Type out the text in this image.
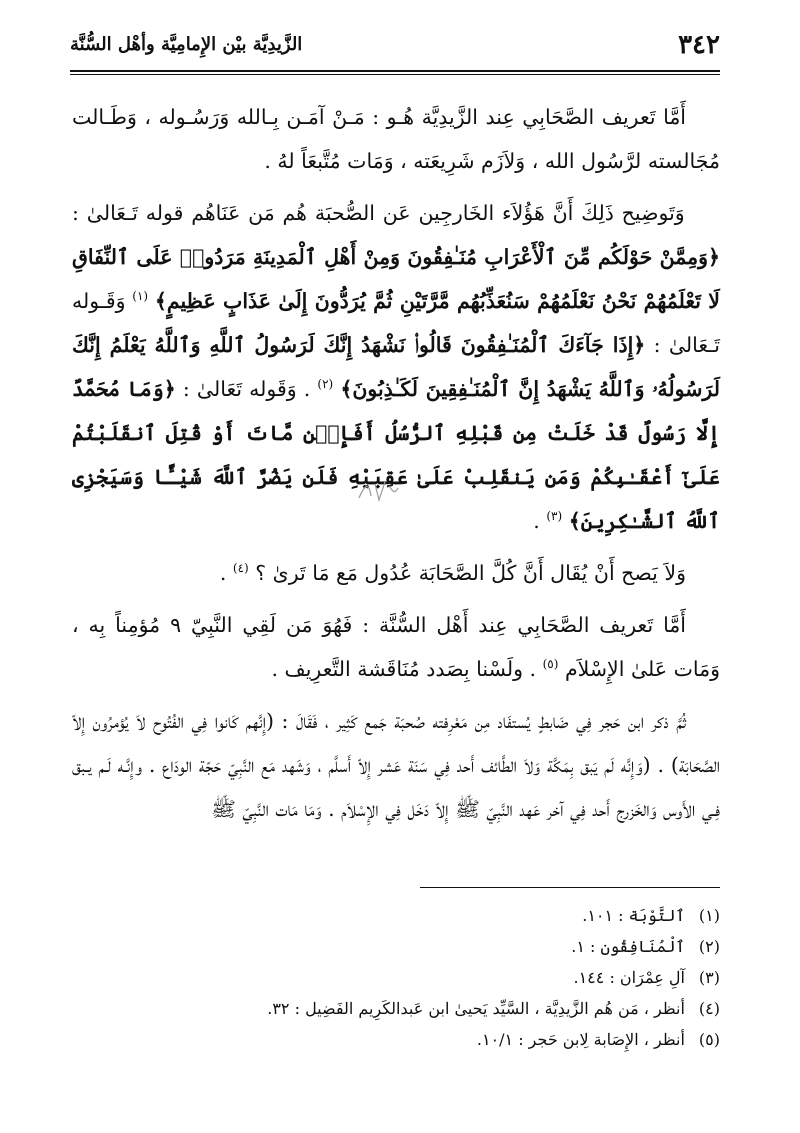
٣٤٢
الزَّيدِيَّة بيْن الإِمامِيَّة وأهْل السُّنَّة

أَمَّا تَعريف الصَّحَابِي عِند الزَّيدِيَّة هُـو : مَـنْ آمَـن بِـالله وَرَسُـوله ، وَطَـالت مُجَالسته لرَّسُول الله ، وَلاَزَم شَرِيعَته ، وَمَات مُتَّبعَاً لهُ .

وَتَوضِيح ذَلِكَ أَنَّ هَؤُلاَء الخَارجِين عَن الصُّحبَة هُم مَن عَنَاهُم قوله تَـعَالىٰ : ﴿وَمِمَّنْ حَوْلَكُم مِّنَ ٱلْأَعْرَابِ مُنَـٰفِقُونَ وَمِنْ أَهْلِ ٱلْمَدِينَةِ مَرَدُوا۟ عَلَى ٱلنِّفَاقِ لَا تَعْلَمُهُمْ نَحْنُ نَعْلَمُهُمْ سَنُعَذِّبُهُم مَّرَّتَيْنِ ثُمَّ يُرَدُّونَ إِلَىٰ عَذَابٍ عَظِيمٍ﴾ $^{(١)}$ وَقَـوله تَـعَالىٰ : ﴿إِذَا جَآءَكَ ٱلْمُنَـٰفِقُونَ قَالُوا۟ نَشْهَدُ إِنَّكَ لَرَسُولُ ٱللَّهِ وَٱللَّهُ يَعْلَمُ إِنَّكَ لَرَسُولُهُۥ وَٱللَّهُ يَشْهَدُ إِنَّ ٱلْمُنَـٰفِقِينَ لَكَـٰذِبُونَ﴾ $^{(٢)}$ . وَقَوله تَعَالىٰ : ﴿وَمَا مُحَمَّدٌ إِلَّا رَسُولٌ قَدْ خَلَتْ مِن قَبْلِهِ ٱلرُّسُلُ أَفَإِي۟ن مَّاتَ أَوْ قُتِلَ ٱنقَلَبْتُمْ عَلَىٰٓ أَعْقَـٰبِكُمْ وَمَن يَنقَلِبْ عَلَىٰ عَقِبَيْهِ فَلَن يَضُرَّ ٱللَّهَ شَيْـًٔا وَسَيَجْزِى ٱللَّهُ ٱلشَّـٰكِرِينَ﴾ $^{(٣)}$ .

وَلاَ يَصح أَنْ يُقَال أَنَّ كُلَّ الصَّحَابَة عُدُول مَع مَا تَرىٰ ؟ $^{(٤)}$ .

أَمَّا تَعريف الصَّحَابِي عِند أَهْل السُّنَّة : فَهُوَ مَن لَقِي النَّبِيّ ٩ مُؤمِناً بِه ، وَمَات عَلىٰ الإِسْلاَم $^{(٥)}$ . ولَسْنا بِصَدد مُنَاقَشة التَّعرِيف .

ثُمَّ ذكر ابن حَجر فِي ضَابطٍ يُستفَاد مِن مَعْرِفته صُحبَة جَمع كَثِير ، فَقَالَ : (إِنَّهم كَانوا فِي الفُتُوح لاَ يُؤمرُون إِلاّ الصَّحَابَة) . (وَإِنَّه لَم يَبق بِمَكَّة وَلاَ الطَّائف أَحد فِي سَنَة عَشر إِلاّ أَسلَّم ، وَشَهد مَع النَّبِيّ حَجّة الودَاع . وإِنَّـه لَـم يـبق فِـي الأَوس وَالخَزرج أَحد فِي آخر عَهد النَّبِيّ ﷺ إِلاّ دَخَل فِي الإِسْلاَم . وَمَا مَات النَّبِيّ ﷺ

(١) ٱلتَّوْبَة : ١٠١.
(٢) ٱلْمُنَافِقُون : ١.
(٣) آلِ عِمْرَان : ١٤٤.
(٤) أنظر ، مَن هُم الزَّيدِيَّة ، السَّيِّد يَحيىٰ ابن عَبدالكَرِيم الفَضِيل : ٣٢.
(٥) أنظر ، الإِصَابة لِابن حَجر : ١٠/١.
